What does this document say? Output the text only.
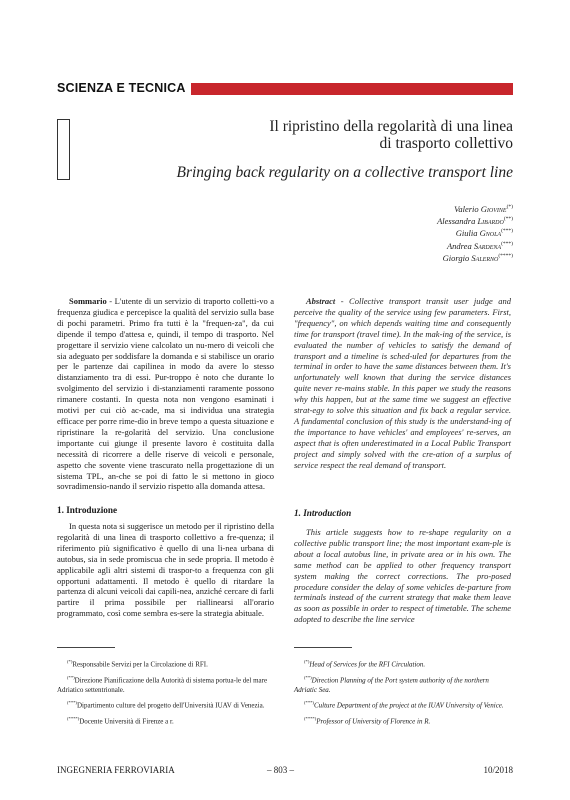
SCIENZA E TECNICA
Il ripristino della regolarità di una linea
di trasporto collettivo
Bringing back regularity on a collective transport line
Valerio Giovine(*)
Alessandra Libardo(**)
Giulia Gnola(***)
Andrea Sardena(***)
Giorgio Salerno(****)

Sommario - L'utente di un servizio di traporto colletti-vo a frequenza giudica e percepisce la qualità del servizio sulla base di pochi parametri. Primo fra tutti è la "frequen-za", da cui dipende il tempo d'attesa e, quindi, il tempo di trasporto. Nel progettare il servizio viene calcolato un nu-mero di veicoli che sia adeguato per soddisfare la domanda e si stabilisce un orario per le partenze dai capilinea in modo da avere lo stesso distanziamento tra di essi. Pur-troppo è noto che durante lo svolgimento del servizio i di-stanziamenti raramente possono rimanere costanti. In questa nota non vengono esaminati i motivi per cui ciò ac-cade, ma si individua una strategia efficace per porre rime-dio in breve tempo a questa situazione e ripristinare la re-golarità del servizio. Una conclusione importante cui giunge il presente lavoro è costituita dalla necessità di ricorrere a delle riserve di veicoli e personale, aspetto che sovente viene trascurato nella progettazione di un sistema TPL, an-che se poi di fatto le si mettono in gioco sovradimensio-nando il servizio rispetto alla domanda attesa.

Abstract - Collective transport transit user judge and perceive the quality of the service using few parameters. First, "frequency", on which depends waiting time and consequently time for transport (travel time). In the mak-ing of the service, is evaluated the number of vehicles to satisfy the demand of transport and a timeline is sched-uled for departures from the terminal in order to have the same distances between them. It's unfortunately well known that during the service distances quite never re-mains stable. In this paper we study the reasons why this happen, but at the same time we suggest an effective strat-egy to solve this situation and fix back a regular service. A fundamental conclusion of this study is the understand-ing of the importance to have vehicles' and employees' re-serves, an aspect that is often underestimated in a Local Public Transport project and simply solved with the cre-ation of a surplus of service respect the real demand of transport.

1. Introduzione	1. Introduction

In questa nota si suggerisce un metodo per il ripristino della regolarità di una linea di trasporto collettivo a fre-quenza; il riferimento più significativo è quello di una li-nea urbana di autobus, sia in sede promiscua che in sede propria. Il metodo è applicabile agli altri sistemi di traspor-to a frequenza con gli opportuni adattamenti. Il metodo è quello di ritardare la partenza di alcuni veicoli dai capili-nea, anziché cercare di farli partire il prima possibile per riallinearsi all'orario programmato, così come sembra es-sere la strategia abituale.

This article suggests how to re-shape regularity on a collective public transport line; the most important exam-ple is about a local autobus line, in private area or in his own. The same method can be applied to other frequency transport system making the correct corrections. The pro-posed procedure consider the delay of some vehicles de-parture from terminals instead of the current strategy that make them leave as soon as possible in order to respect of timetable. The scheme adopted to describe the line service

(*)Responsabile Servizi per la Circolazione di RFI.

(**)Direzione Pianificazione della Autorità di sistema portua-le del mare Adriatico settentrionale.

(***)Dipartimento culture del progetto dell'Università IUAV di Venezia.

(****)Docente Università di Firenze a r.

(*)Head of Services for the RFI Circulation.

(**)Direction Planning of the Port system authority of the northern Adriatic Sea.

(***)Culture Department of the project at the IUAV University of Venice.

(****)Professor of University of Florence in R.

INGEGNERIA FERROVIARIA	– 803 –	10/2018
